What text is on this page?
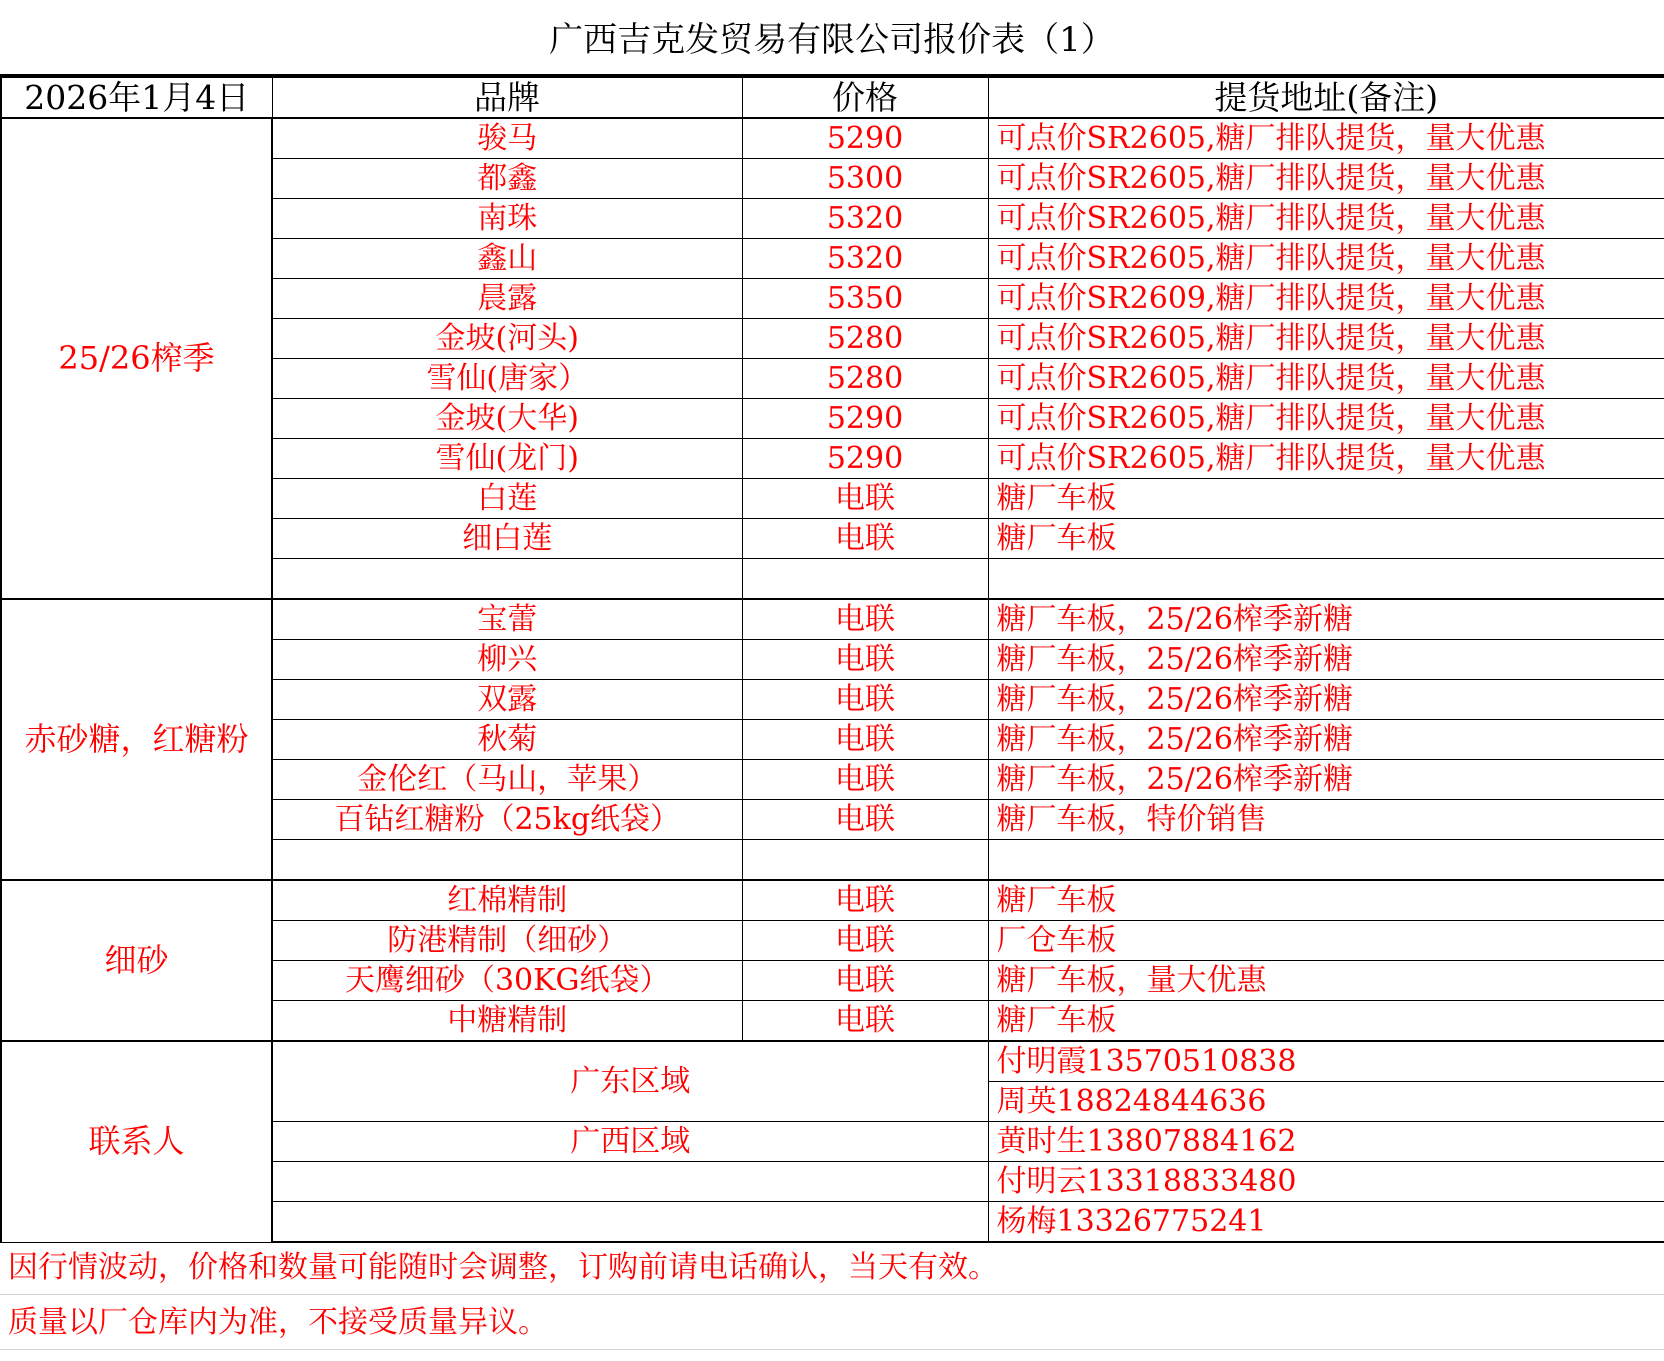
广西吉克发贸易有限公司报价表（1）
2026年1月4日	品牌	价格	提货地址(备注)
25/26榨季	骏马	5290	可点价SR2605,糖厂排队提货，量大优惠
	都鑫	5300	可点价SR2605,糖厂排队提货，量大优惠
	南珠	5320	可点价SR2605,糖厂排队提货，量大优惠
	鑫山	5320	可点价SR2605,糖厂排队提货，量大优惠
	晨露	5350	可点价SR2609,糖厂排队提货，量大优惠
	金坡(河头)	5280	可点价SR2605,糖厂排队提货，量大优惠
	雪仙(唐家）	5280	可点价SR2605,糖厂排队提货，量大优惠
	金坡(大华)	5290	可点价SR2605,糖厂排队提货，量大优惠
	雪仙(龙门)	5290	可点价SR2605,糖厂排队提货，量大优惠
	白莲	电联	糖厂车板
	细白莲	电联	糖厂车板

赤砂糖，红糖粉	宝蕾	电联	糖厂车板，25/26榨季新糖
	柳兴	电联	糖厂车板，25/26榨季新糖
	双露	电联	糖厂车板，25/26榨季新糖
	秋菊	电联	糖厂车板，25/26榨季新糖
	金伦红（马山，苹果）	电联	糖厂车板，25/26榨季新糖
	百钻红糖粉（25kg纸袋）	电联	糖厂车板，特价销售

细砂	红棉精制	电联	糖厂车板
	防港精制（细砂）	电联	厂仓车板
	天鹰细砂（30KG纸袋）	电联	糖厂车板，量大优惠
	中糖精制	电联	糖厂车板
联系人	广东区域		付明霞13570510838
			周英18824844636
	广西区域		黄时生13807884162
			付明云13318833480
			杨梅13326775241
因行情波动，价格和数量可能随时会调整，订购前请电话确认，当天有效。
质量以厂仓库内为准，不接受质量异议。
